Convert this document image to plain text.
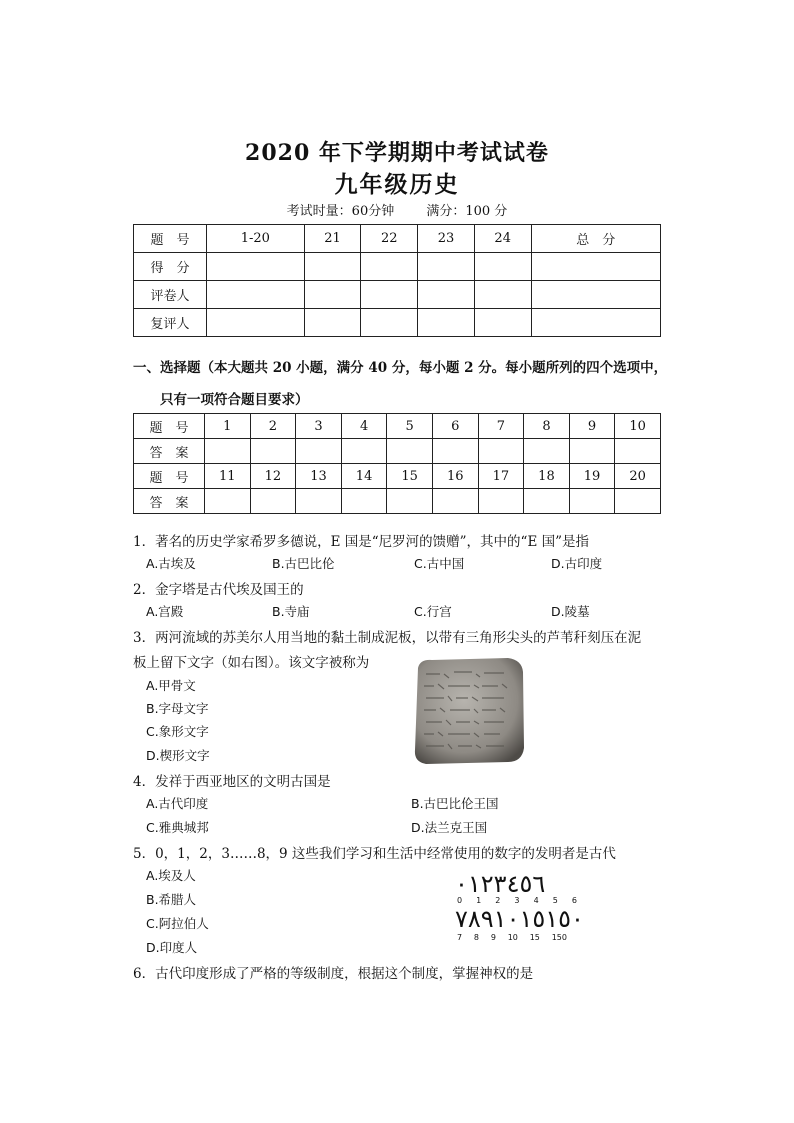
2020 年下学期期中考试试卷
九年级历史
考试时量：60分钟 满分：100 分
题　号	1-20	21	22	23	24	总　分
得　分						
评卷人						
复评人						
一、选择题（本大题共 20 小题，满分 40 分，每小题 2 分。每小题所列的四个选项中，
只有一项符合题目要求）
题　号	1	2	3	4	5	6	7	8	9	10
答　案										
题　号	11	12	13	14	15	16	17	18	19	20
答　案										
1．著名的历史学家希罗多德说，E 国是“尼罗河的馈赠”，其中的“E 国”是指
A.古埃及	B.古巴比伦	C.古中国	D.古印度
2．金字塔是古代埃及国王的
A.宫殿	B.寺庙	C.行宫	D.陵墓
3．两河流域的苏美尔人用当地的黏土制成泥板，以带有三角形尖头的芦苇秆刻压在泥
板上留下文字（如右图）。该文字被称为
A.甲骨文
B.字母文字
C.象形文字
D.楔形文字
4．发祥于西亚地区的文明古国是
A.古代印度	B.古巴比伦王国
C.雅典城邦	D.法兰克王国
5．0，1，2，3……8，9 这些我们学习和生活中经常使用的数字的发明者是古代
A.埃及人
B.希腊人
C.阿拉伯人
D.印度人
٠١٢٣٤٥٦
0 1 2 3 4 5 6
٧٨٩١٠١٥١٥٠
7 8 9 10 15 150
6．古代印度形成了严格的等级制度，根据这个制度，掌握神权的是
